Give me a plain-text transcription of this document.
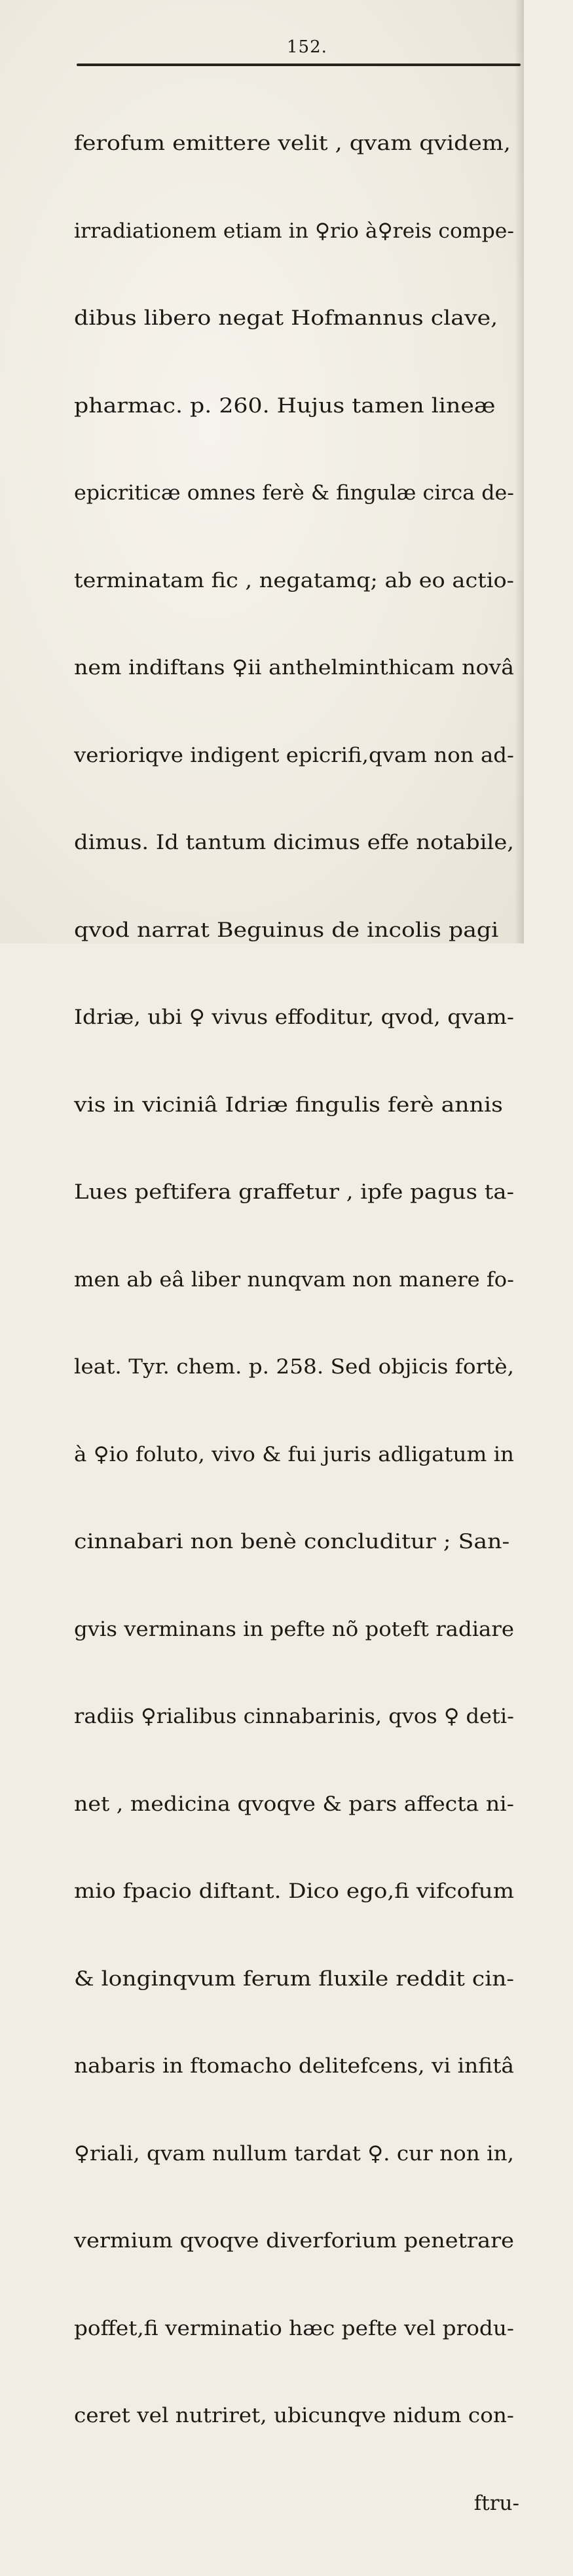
152.

ferofum emittere velit , qvam qvidem,

irradiationem etiam in ♀rio à♀reis compe-

dibus libero negat Hofmannus clave,

pharmac. p. 260. Hujus tamen lineæ

epicriticæ omnes ferè & fingulæ circa de-

terminatam fic , negatamq; ab eo actio-

nem indiftans ♀ii anthelminthicam novâ

verioriqve indigent epicrifi,qvam non ad-

dimus. Id tantum dicimus effe notabile,

qvod narrat Beguinus de incolis pagi

Idriæ, ubi ♀ vivus effoditur, qvod, qvam-

vis in viciniâ Idriæ fingulis ferè annis

Lues peftifera graffetur , ipfe pagus ta-

men ab eâ liber nunqvam non manere fo-

leat. Tyr. chem. p. 258. Sed objicis fortè,

à ♀io foluto, vivo & fui juris adligatum in

cinnabari non benè concluditur ; San-

gvis verminans in pefte nõ poteft radiare

radiis ♀rialibus cinnabarinis, qvos ♀ deti-

net , medicina qvoqve & pars affecta ni-

mio fpacio diftant. Dico ego,fi vifcofum

& longinqvum ferum fluxile reddit cin-

nabaris in ftomacho delitefcens, vi infitâ

♀riali, qvam nullum tardat ♀. cur non in,

vermium qvoqve diverforium penetrare

poffet,fi verminatio hæc pefte vel produ-

ceret vel nutriret, ubicunqve nidum con-

ftru-
